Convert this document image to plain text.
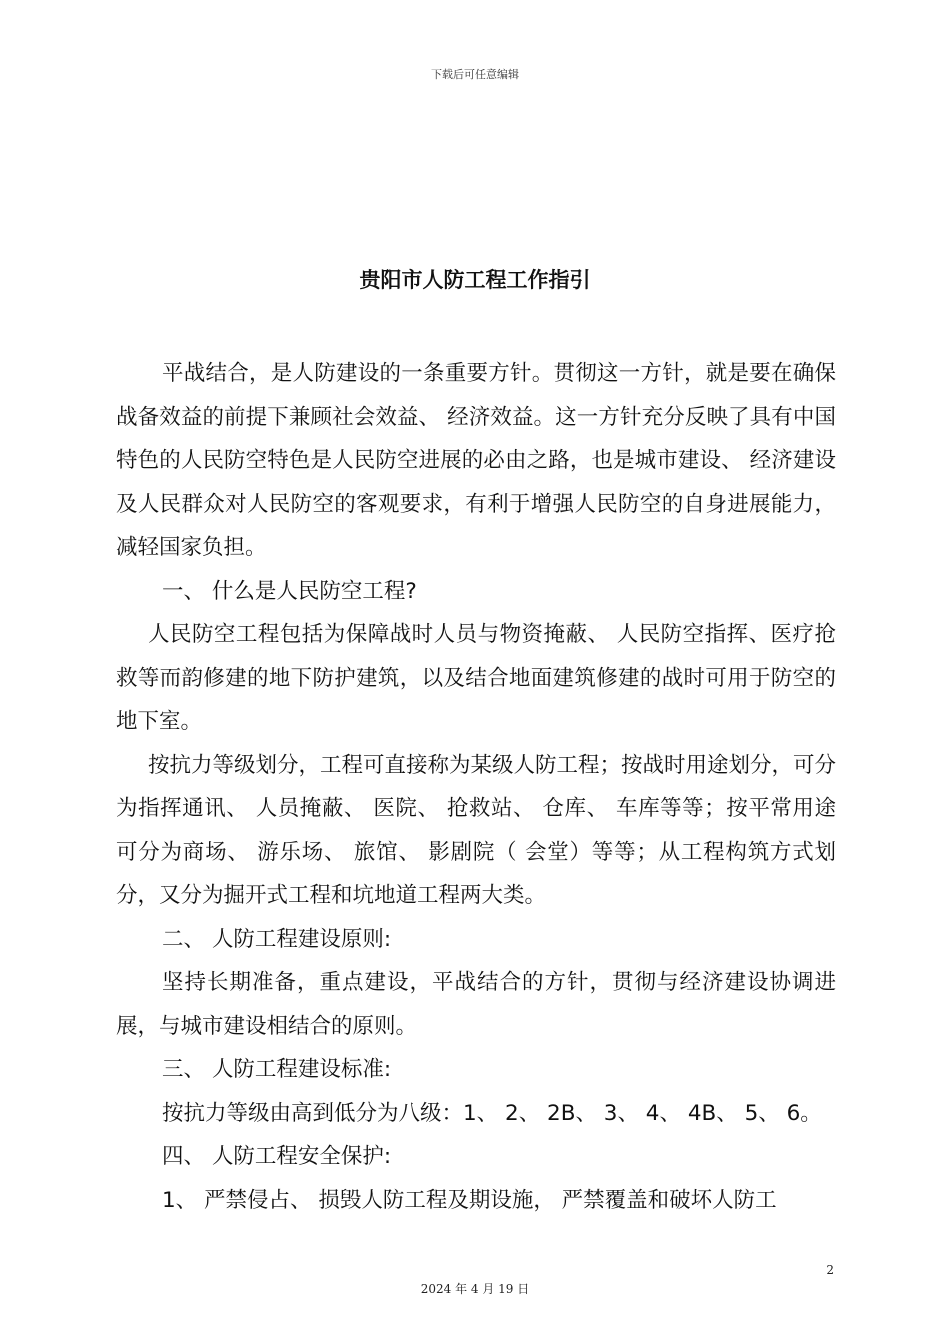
下载后可任意编辑
贵阳市人防工程工作指引

平战结合，是人防建设的一条重要方针。贯彻这一方针，就是要在确保战备效益的前提下兼顾社会效益、 经济效益。这一方针充分反映了具有中国特色的人民防空特色是人民防空进展的必由之路，也是城市建设、 经济建设及人民群众对人民防空的客观要求，有利于增强人民防空的自身进展能力，减轻国家负担。

一、 什么是人民防空工程?

人民防空工程包括为保障战时人员与物资掩蔽、 人民防空指挥、医疗抢救等而韵修建的地下防护建筑，以及结合地面建筑修建的战时可用于防空的地下室。

按抗力等级划分，工程可直接称为某级人防工程；按战时用途划分，可分为指挥通讯、 人员掩蔽、 医院、 抢救站、 仓库、 车库等等；按平常用途可分为商场、 游乐场、 旅馆、 影剧院（ 会堂）等等；从工程构筑方式划分，又分为掘开式工程和坑地道工程两大类。

二、 人防工程建设原则:

坚持长期准备，重点建设，平战结合的方针，贯彻与经济建设协调进展，与城市建设相结合的原则。

三、 人防工程建设标准:

按抗力等级由高到低分为八级：1、 2、 2B、 3、 4、 4B、 5、 6。

四、 人防工程安全保护:

1、 严禁侵占、 损毁人防工程及期设施， 严禁覆盖和破坏人防工

2
2024 年 4 月 19 日
